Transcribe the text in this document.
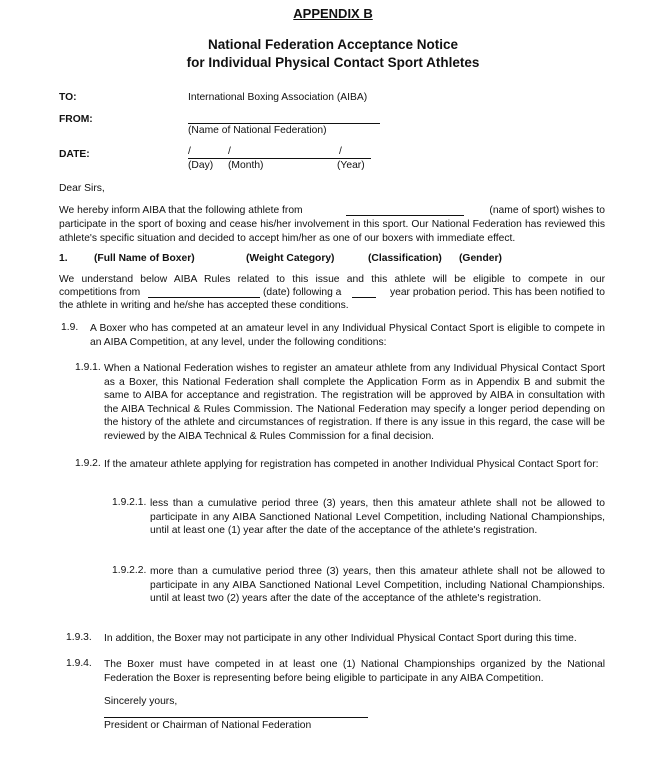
APPENDIX B
National Federation Acceptance Notice
for Individual Physical Contact Sport Athletes
TO:	International Boxing Association (AIBA)
FROM:
(Name of National Federation)
DATE:	/	/	/
(Day) (Month)	(Year)
Dear Sirs,
We hereby inform AIBA that the following athlete from	(name of sport) wishes to
participate in the sport of boxing and cease his/her involvement in this sport. Our National Federation has reviewed this athlete's specific situation and decided to accept him/her as one of our boxers with immediate effect.
1.	(Full Name of Boxer)	(Weight Category)	(Classification) (Gender)
We understand below AIBA Rules related to this issue and this athlete will be eligible to compete in our
competitions from	(date) following a	year probation period. This has been notified to
the athlete in writing and he/she has accepted these conditions.
1.9. A Boxer who has competed at an amateur level in any Individual Physical Contact Sport is eligible to compete in an AIBA Competition, at any level, under the following conditions:
1.9.1. When a National Federation wishes to register an amateur athlete from any Individual Physical Contact Sport as a Boxer, this National Federation shall complete the Application Form as in Appendix B and submit the same to AIBA for acceptance and registration. The registration will be approved by AIBA in consultation with the AIBA Technical & Rules Commission. The National Federation may specify a longer period depending on the history of the athlete and circumstances of registration. If there is any issue in this regard, the case will be reviewed by the AIBA Technical & Rules Commission for a final decision.
1.9.2. If the amateur athlete applying for registration has competed in another Individual Physical Contact Sport for:
1.9.2.1. less than a cumulative period three (3) years, then this amateur athlete shall not be allowed to participate in any AIBA Sanctioned National Level Competition, including National Championships, until at least one (1) year after the date of the acceptance of the athlete's registration.
1.9.2.2. more than a cumulative period three (3) years, then this amateur athlete shall not be allowed to participate in any AIBA Sanctioned National Level Competition, including National Championships. until at least two (2) years after the date of the acceptance of the athlete's registration.
1.9.3. In addition, the Boxer may not participate in any other Individual Physical Contact Sport during this time.
1.9.4. The Boxer must have competed in at least one (1) National Championships organized by the National Federation the Boxer is representing before being eligible to participate in any AIBA Competition.
Sincerely yours,
President or Chairman of National Federation
